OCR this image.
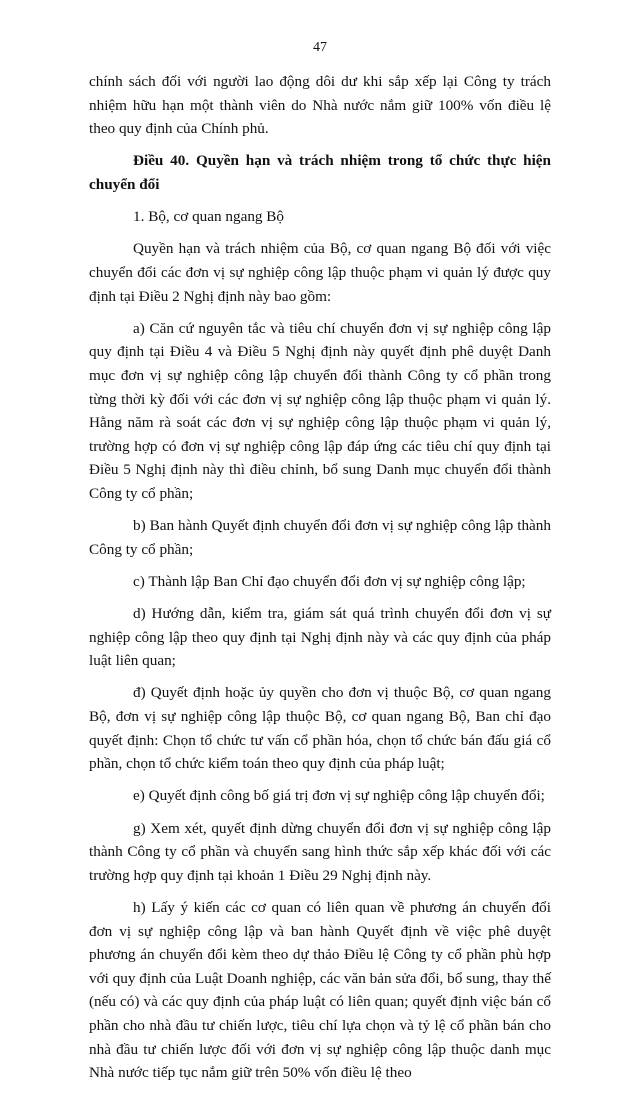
47

chính sách đối với người lao động dôi dư khi sắp xếp lại Công ty trách nhiệm hữu hạn một thành viên do Nhà nước nắm giữ 100% vốn điều lệ theo quy định của Chính phủ.

Điều 40. Quyền hạn và trách nhiệm trong tổ chức thực hiện chuyển đổi

1. Bộ, cơ quan ngang Bộ

Quyền hạn và trách nhiệm của Bộ, cơ quan ngang Bộ đối với việc chuyển đổi các đơn vị sự nghiệp công lập thuộc phạm vi quản lý được quy định tại Điều 2 Nghị định này bao gồm:

a) Căn cứ nguyên tắc và tiêu chí chuyển đơn vị sự nghiệp công lập quy định tại Điều 4 và Điều 5 Nghị định này quyết định phê duyệt Danh mục đơn vị sự nghiệp công lập chuyển đổi thành Công ty cổ phần trong từng thời kỳ đối với các đơn vị sự nghiệp công lập thuộc phạm vi quản lý. Hằng năm rà soát các đơn vị sự nghiệp công lập thuộc phạm vi quản lý, trường hợp có đơn vị sự nghiệp công lập đáp ứng các tiêu chí quy định tại Điều 5 Nghị định này thì điều chỉnh, bổ sung Danh mục chuyển đổi thành Công ty cổ phần;

b) Ban hành Quyết định chuyển đổi đơn vị sự nghiệp công lập thành Công ty cổ phần;

c) Thành lập Ban Chỉ đạo chuyển đổi đơn vị sự nghiệp công lập;

d) Hướng dẫn, kiểm tra, giám sát quá trình chuyển đổi đơn vị sự nghiệp công lập theo quy định tại Nghị định này và các quy định của pháp luật liên quan;

đ) Quyết định hoặc ủy quyền cho đơn vị thuộc Bộ, cơ quan ngang Bộ, đơn vị sự nghiệp công lập thuộc Bộ, cơ quan ngang Bộ, Ban chỉ đạo quyết định: Chọn tổ chức tư vấn cổ phần hóa, chọn tổ chức bán đấu giá cổ phần, chọn tổ chức kiểm toán theo quy định của pháp luật;

e) Quyết định công bố giá trị đơn vị sự nghiệp công lập chuyển đổi;

g) Xem xét, quyết định dừng chuyển đổi đơn vị sự nghiệp công lập thành Công ty cổ phần và chuyển sang hình thức sắp xếp khác đối với các trường hợp quy định tại khoản 1 Điều 29 Nghị định này.

h) Lấy ý kiến các cơ quan có liên quan về phương án chuyển đổi đơn vị sự nghiệp công lập và ban hành Quyết định về việc phê duyệt phương án chuyển đổi kèm theo dự thảo Điều lệ Công ty cổ phần phù hợp với quy định của Luật Doanh nghiệp, các văn bản sửa đổi, bổ sung, thay thế (nếu có) và các quy định của pháp luật có liên quan; quyết định việc bán cổ phần cho nhà đầu tư chiến lược, tiêu chí lựa chọn và tỷ lệ cổ phần bán cho nhà đầu tư chiến lược đối với đơn vị sự nghiệp công lập thuộc danh mục Nhà nước tiếp tục nắm giữ trên 50% vốn điều lệ theo
